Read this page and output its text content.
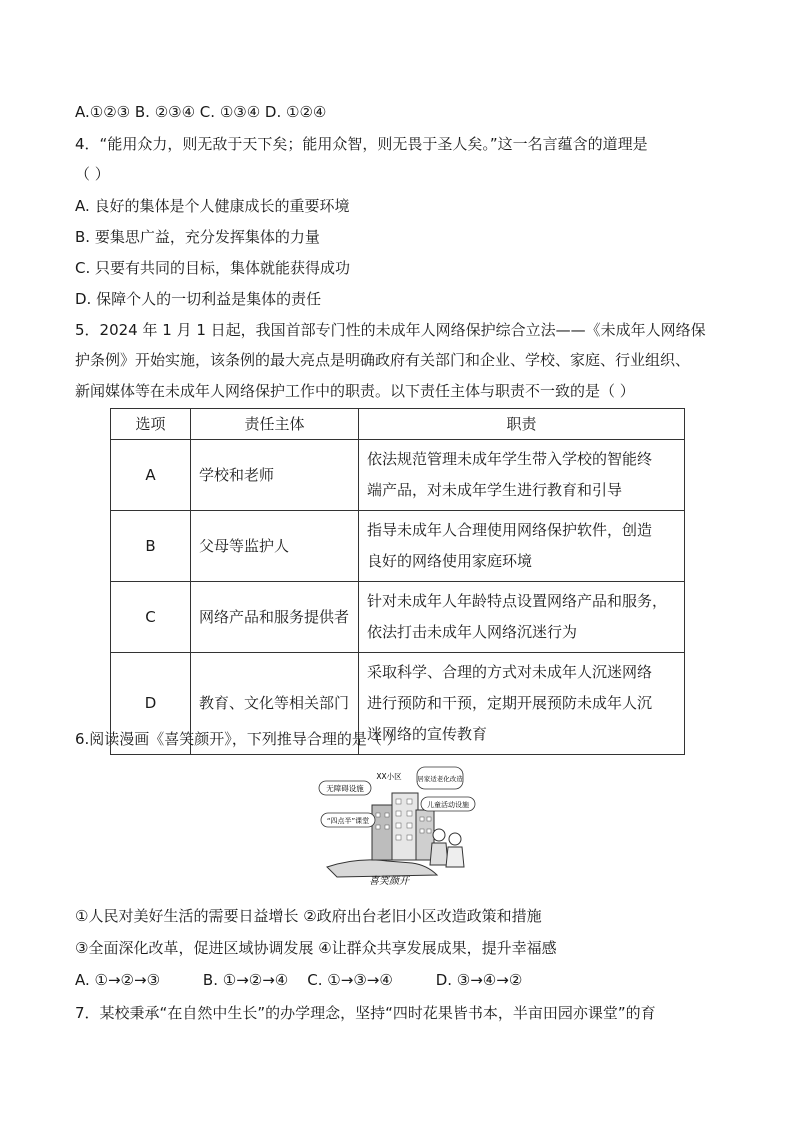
A.①②③ B. ②③④ C. ①③④ D. ①②④
4．“能用众力，则无敌于天下矣；能用众智，则无畏于圣人矣。”这一名言蕴含的道理是
（ ）
A. 良好的集体是个人健康成长的重要环境
B. 要集思广益，充分发挥集体的力量
C. 只要有共同的目标，集体就能获得成功
D. 保障个人的一切利益是集体的责任
5．2024 年 1 月 1 日起，我国首部专门性的未成年人网络保护综合立法——《未成年人网络保
护条例》开始实施，该条例的最大亮点是明确政府有关部门和企业、学校、家庭、行业组织、
新闻媒体等在未成年人网络保护工作中的职责。以下责任主体与职责不一致的是（ ）
选项	责任主体	职责
A	学校和老师	依法规范管理未成年学生带入学校的智能终
端产品，对未成年学生进行教育和引导

B	父母等监护人	指导未成年人合理使用网络保护软件，创造
良好的网络使用家庭环境

C	网络产品和服务提供者	针对未成年人年龄特点设置网络产品和服务，
依法打击未成年人网络沉迷行为

D	教育、文化等相关部门	采取科学、合理的方式对未成年人沉迷网络
进行预防和干预，定期开展预防未成年人沉
迷网络的宣传教育
6.阅读漫画《喜笑颜开》，下列推导合理的是（ ）
无障碍设施
XX小区 居家适老化改造
儿童活动设施
“四点半”课堂
喜笑颜开
①人民对美好生活的需要日益增长 ②政府出台老旧小区改造政策和措施
③全面深化改革，促进区域协调发展 ④让群众共享发展成果，提升幸福感
A. ①→②→③         B. ①→②→④    C. ①→③→④         D. ③→④→②
7．某校秉承“在自然中生长”的办学理念，坚持“四时花果皆书本，半亩田园亦课堂”的育
